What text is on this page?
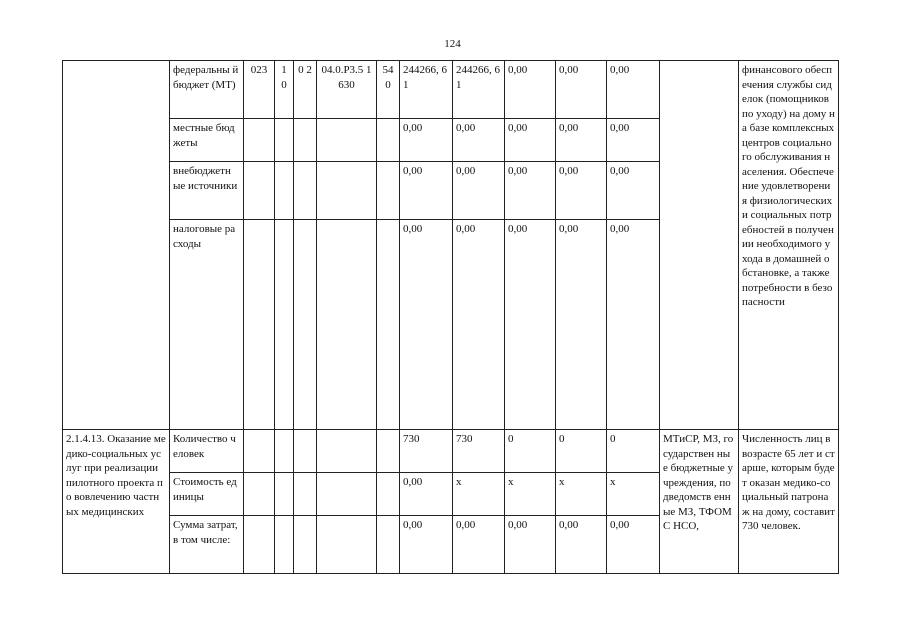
124
	федеральны й бюджет (МТ)	023	1 0	0 2	04.0.Р3.5 1630	54 0	244266, 61	244266, 61	0,00	0,00	0,00		финансового обеспечения службы сиделок (помощников по уходу) на дому на базе комплексных центров социального обслуживания населения. Обеспечение удовлетворения физиологических и социальных потребностей в получении необходимого ухода в домашней обстановке, а также потребности в безопасности
	местные бюджеты						0,00	0,00	0,00	0,00	0,00		
	внебюджетн ые источники						0,00	0,00	0,00	0,00	0,00		
	налоговые расходы						0,00	0,00	0,00	0,00	0,00		
2.1.4.13. Оказание медико-социальных услуг при реализации пилотного проекта по вовлечению частных медицинских	Количество человек						730	730	0	0	0	МТиСР, МЗ, государствен ные бюджетные учреждения, подведомств енные МЗ, ТФОМС НСО,	Численность лиц в возрасте 65 лет и старше, которым будет оказан медико-социальный патронаж на дому, составит 730 человек.
	Стоимость единицы						0,00	x	x	x	x		
	Сумма затрат, в том числе:						0,00	0,00	0,00	0,00	0,00		
